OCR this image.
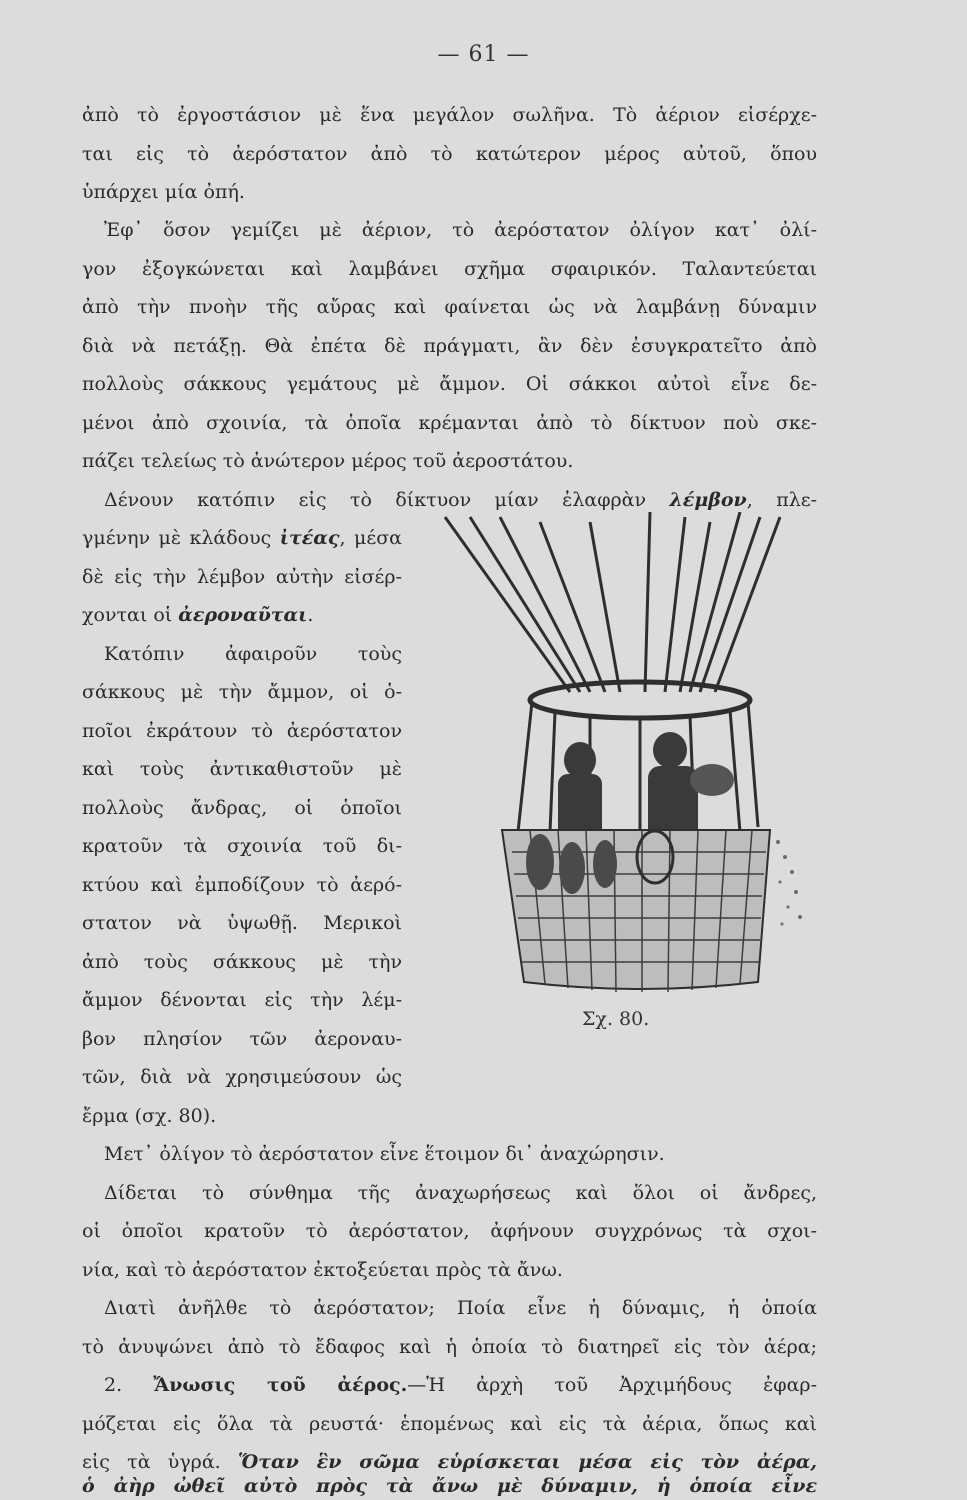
— 61 —
ἀπὸ τὸ ἐργοστάσιον μὲ ἕνα μεγάλον σωλῆνα. Τὸ ἀέριον εἰσέρχε-
ται εἰς τὸ ἀερόστατον ἀπὸ τὸ κατώτερον μέρος αὐτοῦ, ὅπου
ὑπάρχει μία ὀπή.
Ἐφ᾽ ὅσον γεμίζει μὲ ἀέριον, τὸ ἀερόστατον ὀλίγον κατ᾽ ὀλί-
γον ἐξογκώνεται καὶ λαμβάνει σχῆμα σφαιρικόν. Ταλαντεύεται
ἀπὸ τὴν πνοὴν τῆς αὔρας καὶ φαίνεται ὡς νὰ λαμβάνῃ δύναμιν
διὰ νὰ πετάξῃ. Θὰ ἐπέτα δὲ πράγματι, ἂν δὲν ἐσυγκρατεῖτο ἀπὸ
πολλοὺς σάκκους γεμάτους μὲ ἄμμον. Οἱ σάκκοι αὐτοὶ εἶνε δε-
μένοι ἀπὸ σχοινία, τὰ ὁποῖα κρέμανται ἀπὸ τὸ δίκτυον ποὺ σκε-
πάζει τελείως τὸ ἀνώτερον μέρος τοῦ ἀεροστάτου.
Δένουν κατόπιν εἰς τὸ δίκτυον μίαν ἐλαφρὰν λέμβον, πλε-
γμένην μὲ κλάδους ἰτέας, μέσα
δὲ εἰς τὴν λέμβον αὐτὴν εἰσέρ-
χονται οἱ ἀεροναῦται.
Κατόπιν ἀφαιροῦν τοὺς
σάκκους μὲ τὴν ἄμμον, οἱ ὁ-
ποῖοι ἐκράτουν τὸ ἀερόστατον
καὶ τοὺς ἀντικαθιστοῦν μὲ
πολλοὺς ἄνδρας, οἱ ὁποῖοι
κρατοῦν τὰ σχοινία τοῦ δι-
κτύου καὶ ἐμποδίζουν τὸ ἀερό-
στατον νὰ ὑψωθῇ. Μερικοὶ
ἀπὸ τοὺς σάκκους μὲ τὴν
ἄμμον δένονται εἰς τὴν λέμ-
βον πλησίον τῶν ἀεροναυ-
τῶν, διὰ νὰ χρησιμεύσουν ὡς
ἔρμα (σχ. 80).
Σχ. 80.
Μετ᾽ ὀλίγον τὸ ἀερόστατον εἶνε ἕτοιμον δι᾽ ἀναχώρησιν.
Δίδεται τὸ σύνθημα τῆς ἀναχωρήσεως καὶ ὅλοι οἱ ἄνδρες,
οἱ ὁποῖοι κρατοῦν τὸ ἀερόστατον, ἀφήνουν συγχρόνως τὰ σχοι-
νία, καὶ τὸ ἀερόστατον ἐκτοξεύεται πρὸς τὰ ἄνω.
Διατὶ ἀνῆλθε τὸ ἀερόστατον; Ποία εἶνε ἡ δύναμις, ἡ ὁποία
τὸ ἀνυψώνει ἀπὸ τὸ ἔδαφος καὶ ἡ ὁποία τὸ διατηρεῖ εἰς τὸν ἀέρα;
2. Ἄνωσις τοῦ ἀέρος.—Ἡ ἀρχὴ τοῦ Ἀρχιμήδους ἐφαρ-
μόζεται εἰς ὅλα τὰ ρευστά· ἑπομένως καὶ εἰς τὰ ἀέρια, ὅπως καὶ
εἰς τὰ ὑγρά. Ὅταν ἓν σῶμα εὑρίσκεται μέσα εἰς τὸν ἀέρα,
ὁ ἀὴρ ὠθεῖ αὐτὸ πρὸς τὰ ἄνω μὲ δύναμιν, ἡ ὁποία εἶνε
